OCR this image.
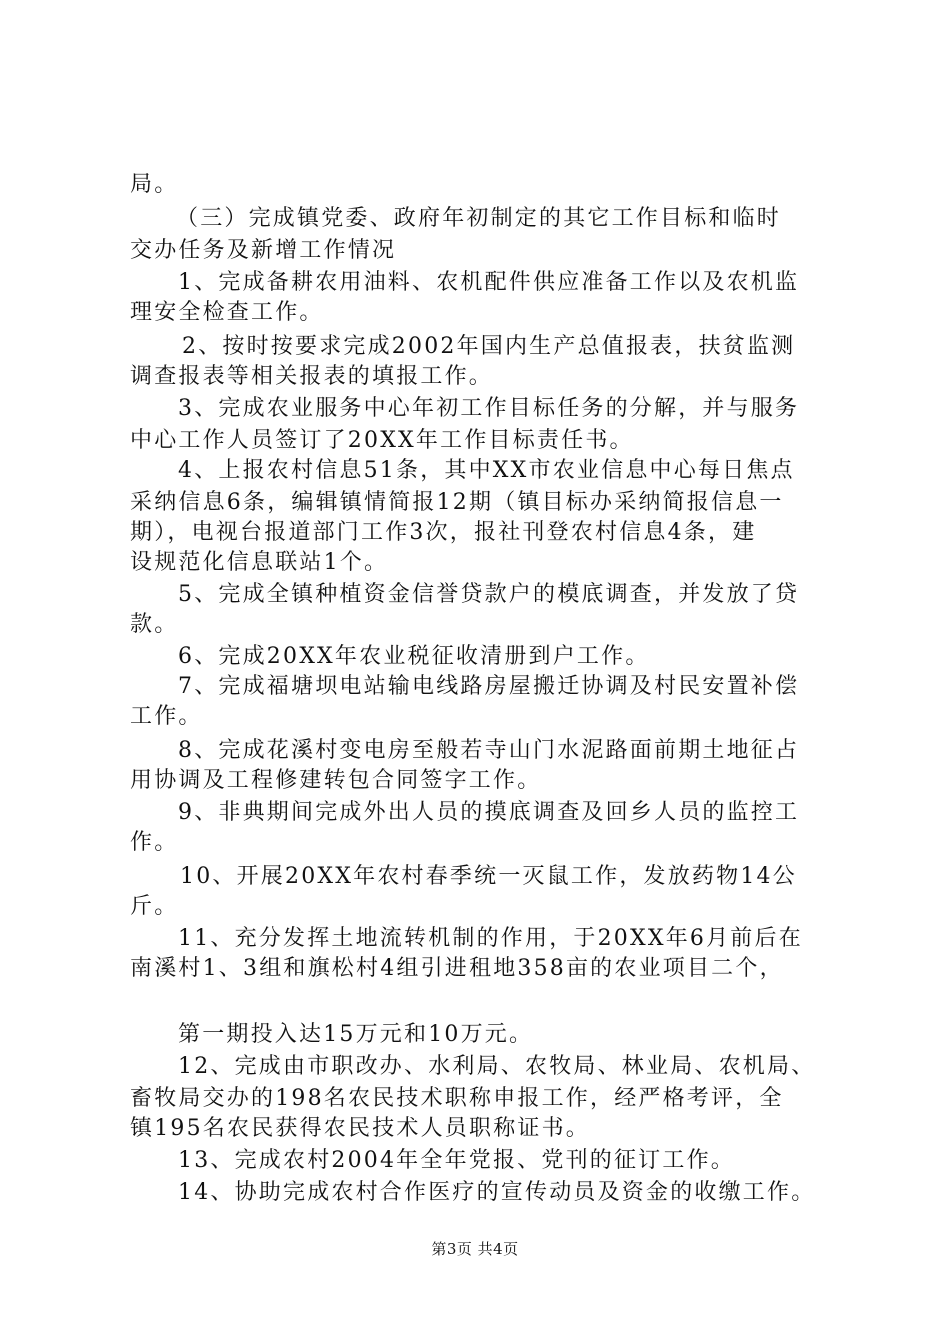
局。
（三）完成镇党委、政府年初制定的其它工作目标和临时
交办任务及新增工作情况
1、完成备耕农用油料、农机配件供应准备工作以及农机监
理安全检查工作。
2、按时按要求完成2002年国内生产总值报表，扶贫监测
调查报表等相关报表的填报工作。
3、完成农业服务中心年初工作目标任务的分解，并与服务
中心工作人员签订了20XX年工作目标责任书。
4、上报农村信息51条，其中XX市农业信息中心每日焦点
采纳信息6条，编辑镇情简报12期（镇目标办采纳简报信息一
期），电视台报道部门工作3次，报社刊登农村信息4条，建
设规范化信息联站1个。
5、完成全镇种植资金信誉贷款户的模底调查，并发放了贷
款。
6、完成20XX年农业税征收清册到户工作。
7、完成福塘坝电站输电线路房屋搬迁协调及村民安置补偿
工作。
8、完成花溪村变电房至般若寺山门水泥路面前期土地征占
用协调及工程修建转包合同签字工作。
9、非典期间完成外出人员的摸底调查及回乡人员的监控工
作。
10、开展20XX年农村春季统一灭鼠工作，发放药物14公
斤。
11、充分发挥土地流转机制的作用，于20XX年6月前后在
南溪村1、3组和旗松村4组引进租地358亩的农业项目二个，
第一期投入达15万元和10万元。
12、完成由市职改办、水利局、农牧局、林业局、农机局、
畜牧局交办的198名农民技术职称申报工作，经严格考评，全
镇195名农民获得农民技术人员职称证书。
13、完成农村2004年全年党报、党刊的征订工作。
14、协助完成农村合作医疗的宣传动员及资金的收缴工作。
第3页 共4页
